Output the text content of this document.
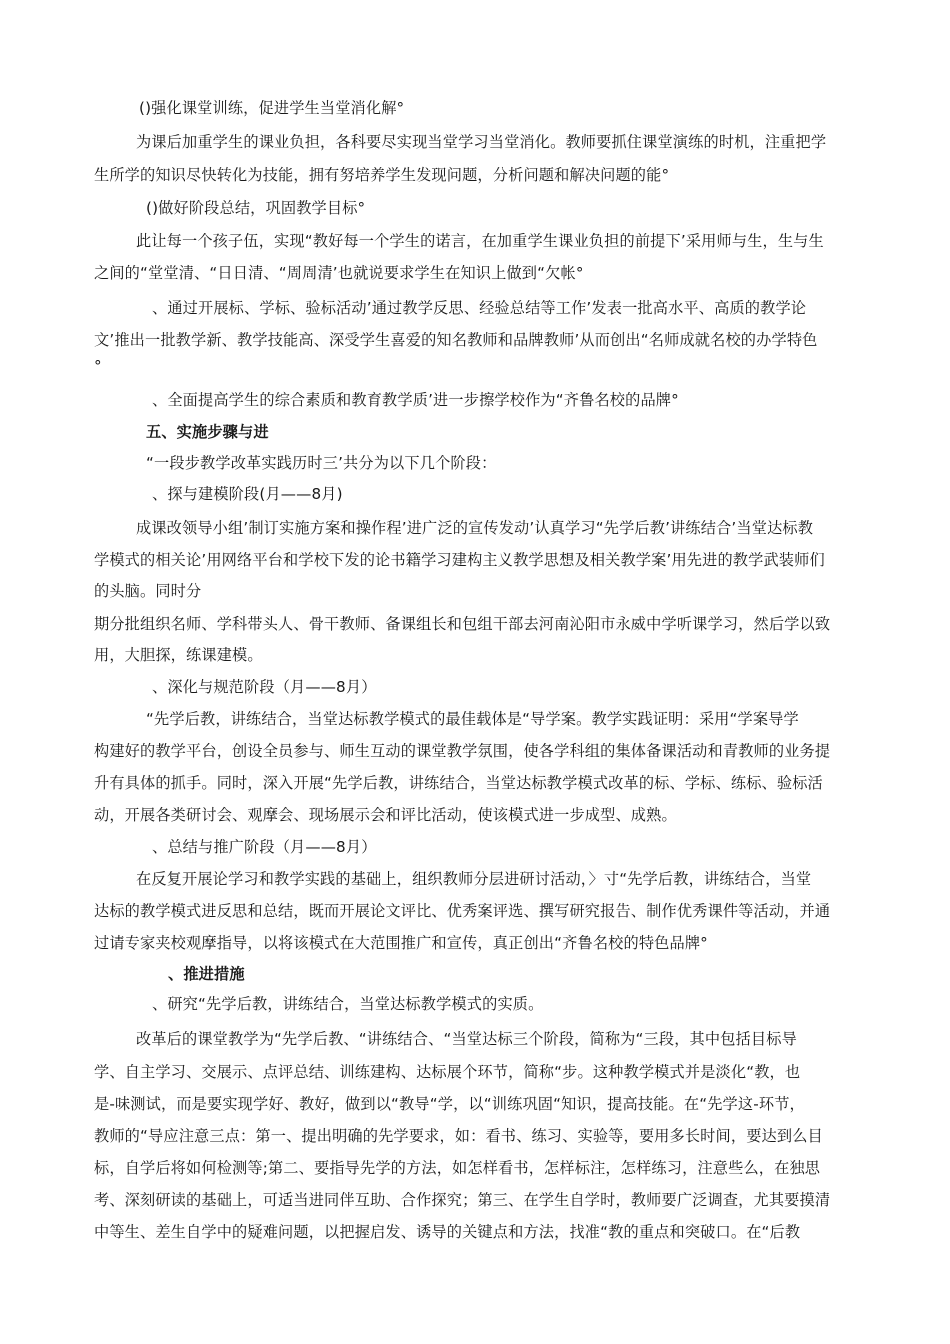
()强化课堂训练，促进学生当堂消化解°
为课后加重学生的课业负担，各科要尽实现当堂学习当堂消化。教师要抓住课堂演练的时机，注重把学
生所学的知识尽快转化为技能，拥有努培养学生发现问题，分析问题和解决问题的能°
()做好阶段总结，巩固教学目标°
此让每一个孩子伍，实现“教好每一个学生的诺言，在加重学生课业负担的前提下’采用师与生，生与生
之间的“堂堂清、“日日清、“周周清’也就说要求学生在知识上做到“欠帐°
、通过开展标、学标、验标活动’通过教学反思、经验总结等工作’发表一批高水平、高质的教学论
文’推出一批教学新、教学技能高、深受学生喜爱的知名教师和品牌教师’从而创出“名师成就名校的办学特色
°
、全面提高学生的综合素质和教育教学质’进一步擦学校作为“齐鲁名校的品牌°
五、实施步骤与进
“一段步教学改革实践历时三’共分为以下几个阶段：
、探与建模阶段(月——8月)
成课改领导小组’制订实施方案和操作程’进广泛的宣传发动’认真学习“先学后教’讲练结合’当堂达标教
学模式的相关论’用网络平台和学校下发的论书籍学习建构主义教学思想及相关教学案’用先进的教学武装师们
的头脑。同时分
期分批组织名师、学科带头人、骨干教师、备课组长和包组干部去河南沁阳市永威中学听课学习，然后学以致
用，大胆探，练课建模。
、深化与规范阶段（月——8月）
“先学后教，讲练结合，当堂达标教学模式的最佳载体是“导学案。教学实践证明：采用“学案导学
构建好的教学平台，创设全员参与、师生互动的课堂教学氛围，使各学科组的集体备课活动和青教师的业务提
升有具体的抓手。同时，深入开展“先学后教，讲练结合，当堂达标教学模式改革的标、学标、练标、验标活
动，开展各类研讨会、观摩会、现场展示会和评比活动，使该模式进一步成型、成熟。
、总结与推广阶段（月——8月）
在反复开展论学习和教学实践的基础上，组织教师分层进研讨活动，〉寸“先学后教，讲练结合，当堂
达标的教学模式进反思和总结，既而开展论文评比、优秀案评选、撰写研究报告、制作优秀课件等活动，并通
过请专家夹校观摩指导，以将该模式在大范围推广和宣传，真正创出“齐鲁名校的特色品牌°
、推进措施
、研究“先学后教，讲练结合，当堂达标教学模式的实质。
改革后的课堂教学为“先学后教、“讲练结合、“当堂达标三个阶段，简称为“三段，其中包括目标导
学、自主学习、交展示、点评总结、训练建构、达标展个环节，简称“步。这种教学模式并是淡化“教，也
是-味测试，而是要实现学好、教好，做到以“教导“学，以“训练巩固“知识，提高技能。在“先学这-环节，
教师的“导应注意三点：第一、提出明确的先学要求，如：看书、练习、实验等，要用多长时间，要达到么目
标，自学后将如何检测等;第二、要指导先学的方法，如怎样看书，怎样标注，怎样练习，注意些么，在独思
考、深刻研读的基础上，可适当进同伴互助、合作探究；第三、在学生自学时，教师要广泛调查，尤其要摸清
中等生、差生自学中的疑难问题，以把握启发、诱导的关键点和方法，找准“教的重点和突破口。在“后教
